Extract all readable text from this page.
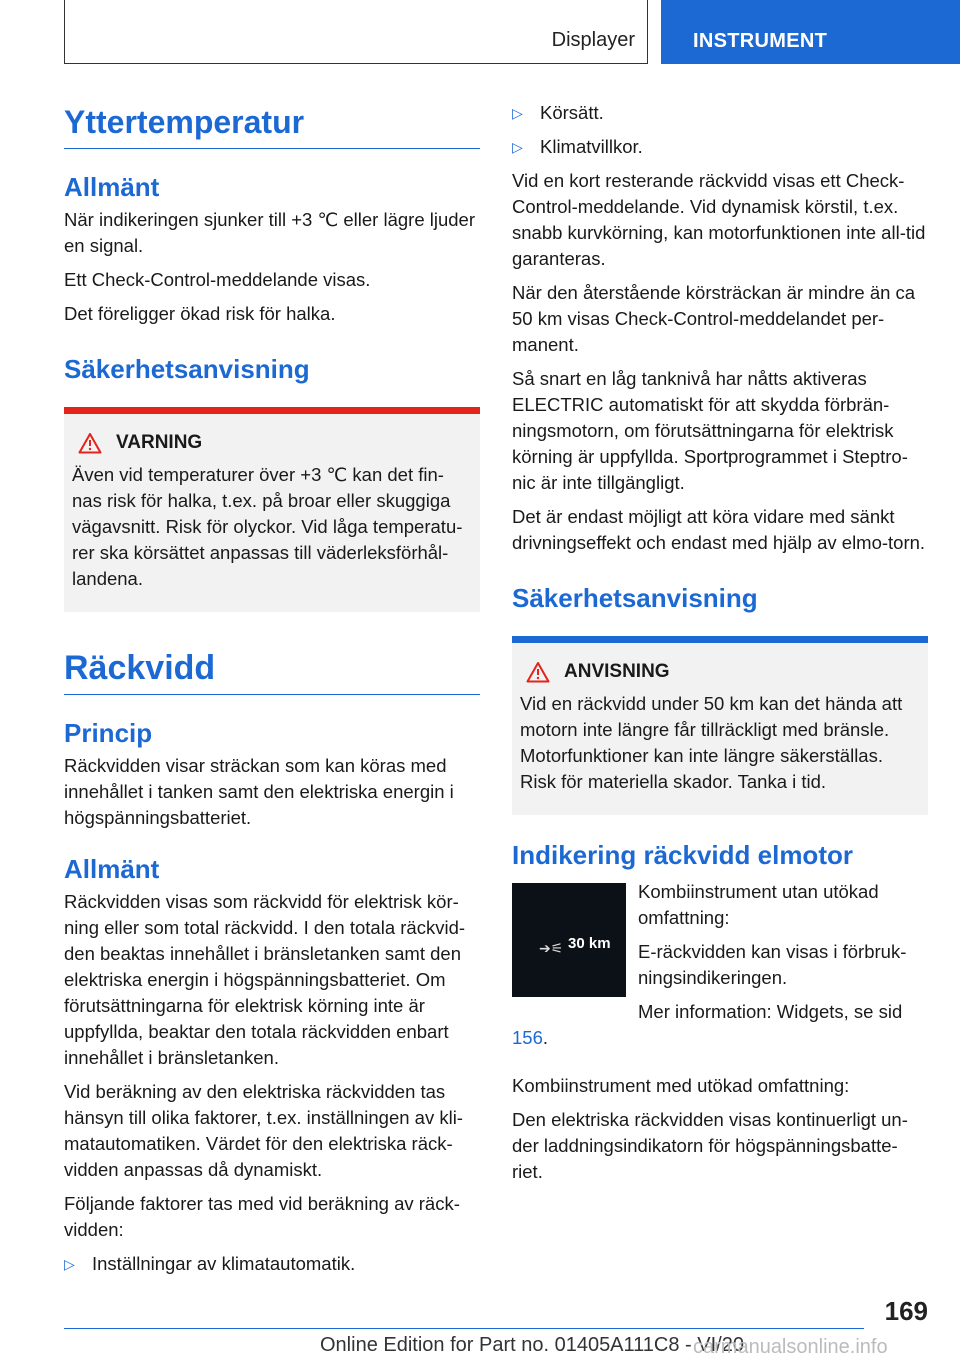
Displayer	INSTRUMENT
Yttertemperatur
Allmänt

När indikeringen sjunker till +3 ℃ eller lägre ljuder en signal.

Ett Check-Control-meddelande visas.

Det föreligger ökad risk för halka.

Säkerhetsanvisning
VARNING

Även vid temperaturer över +3 ℃ kan det fin-nas risk för halka, t.ex. på broar eller skuggiga vägavsnitt. Risk för olyckor. Vid låga temperatu-rer ska körsättet anpassas till väderleksförhål-landena.

Räckvidd
Princip

Räckvidden visar sträckan som kan köras med innehållet i tanken samt den elektriska energin i högspänningsbatteriet.

Allmänt

Räckvidden visas som räckvidd för elektrisk kör-ning eller som total räckvidd. I den totala räckvid-den beaktas innehållet i bränsletanken samt den elektriska energin i högspänningsbatteriet. Om förutsättningarna för elektrisk körning inte är uppfyllda, beaktar den totala räckvidden enbart innehållet i bränsletanken.

Vid beräkning av den elektriska räckvidden tas hänsyn till olika faktorer, t.ex. inställningen av kli-matautomatiken. Värdet för den elektriska räck-vidden anpassas då dynamiskt.

Följande faktorer tas med vid beräkning av räck-vidden:

▷ Inställningar av klimatautomatik.
▷ Körsätt.
▷ Klimatvillkor.

Vid en kort resterande räckvidd visas ett Check-Control-meddelande. Vid dynamisk körstil, t.ex. snabb kurvkörning, kan motorfunktionen inte all-tid garanteras.

När den återstående körsträckan är mindre än ca 50 km visas Check-Control-meddelandet per-manent.

Så snart en låg tanknivå har nåtts aktiveras ELECTRIC automatiskt för att skydda förbrän-ningsmotorn, om förutsättningarna för elektrisk körning är uppfyllda. Sportprogrammet i Steptro-nic är inte tillgängligt.

Det är endast möjligt att köra vidare med sänkt drivningseffekt och endast med hjälp av elmo-torn.

Säkerhetsanvisning
ANVISNING

Vid en räckvidd under 50 km kan det hända att motorn inte längre får tillräckligt med bränsle. Motorfunktioner kan inte längre säkerställas. Risk för materiella skador. Tanka i tid.

Indikering räckvidd elmotor
➔⚟ 30 km

Kombiinstrument utan utökad omfattning:

E-räckvidden kan visas i förbruk-ningsindikeringen.

Mer information: Widgets, se sid 156.

Kombiinstrument med utökad omfattning:

Den elektriska räckvidden visas kontinuerligt un-der laddningsindikatorn för högspänningsbatte-riet.

169
Online Edition for Part no. 01405A111C8 - VI/20
carmanualsonline.info
